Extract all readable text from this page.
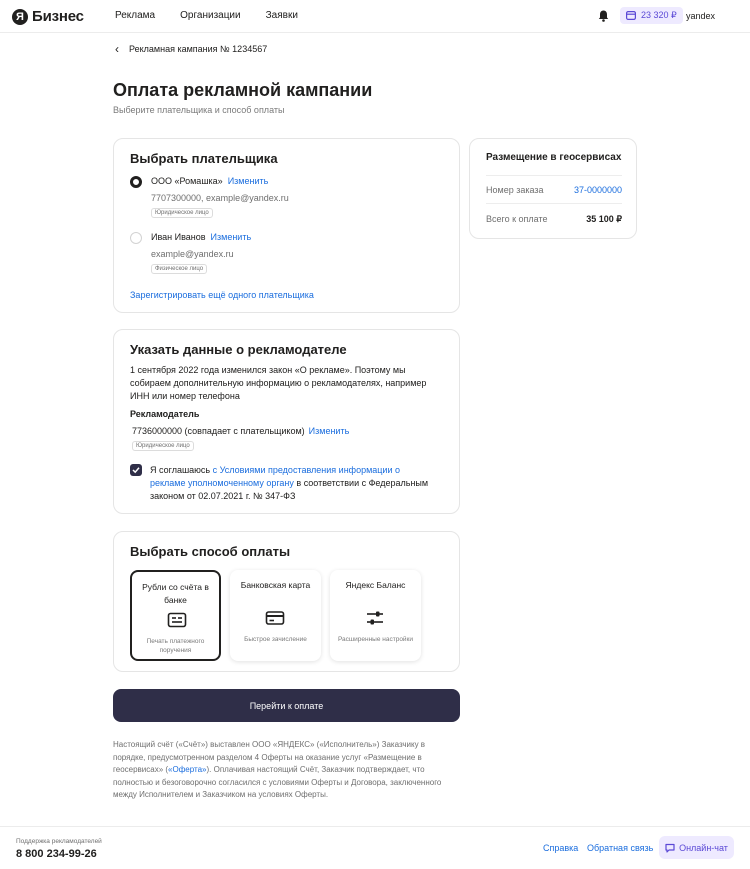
Я Бизнес	Реклама	Организации	Заявки	23 320 ₽ yandex
‹ Рекламная кампания № 1234567
Оплата рекламной кампании
Выберите плательщика и способ оплаты
Выбрать плательщика
ООО «Ромашка» Изменить
7707300000, example@yandex.ru
Юридическое лицо
Иван Иванов Изменить
example@yandex.ru
Физическое лицо
Зарегистрировать ещё одного плательщика
Размещение в геосервисах
Номер заказа	37-0000000
Всего к оплате	35 100 ₽
Указать данные о рекламодателе
1 сентября 2022 года изменился закон «О рекламе». Поэтому мы собираем дополнительную информацию о рекламодателях, например ИНН или номер телефона
Рекламодатель
7736000000 (совпадает с плательщиком) Изменить
Юридическое лицо
Я соглашаюсь с Условиями предоставления информации о рекламе уполномоченному органу в соответствии с Федеральным законом от 02.07.2021 г. № 347-ФЗ
Выбрать способ оплаты
Рубли со счёта в банке
Печать платежного поручения
Банковская карта
Быстрое зачисление
Яндекс Баланс
Расширенные настройки
Перейти к оплате
Настоящий счёт («Счёт») выставлен ООО «ЯНДЕКС» («Исполнитель») Заказчику в порядке, предусмотренном разделом 4 Оферты на оказание услуг «Размещение в геосервисах» («Оферта»). Оплачивая настоящий Счёт, Заказчик подтверждает, что полностью и безоговорочно согласился с условиями Оферты и Договора, заключенного между Исполнителем и Заказчиком на условиях Оферты.
Поддержка рекламодателей
8 800 234-99-26	Справка Обратная связь	Онлайн-чат
